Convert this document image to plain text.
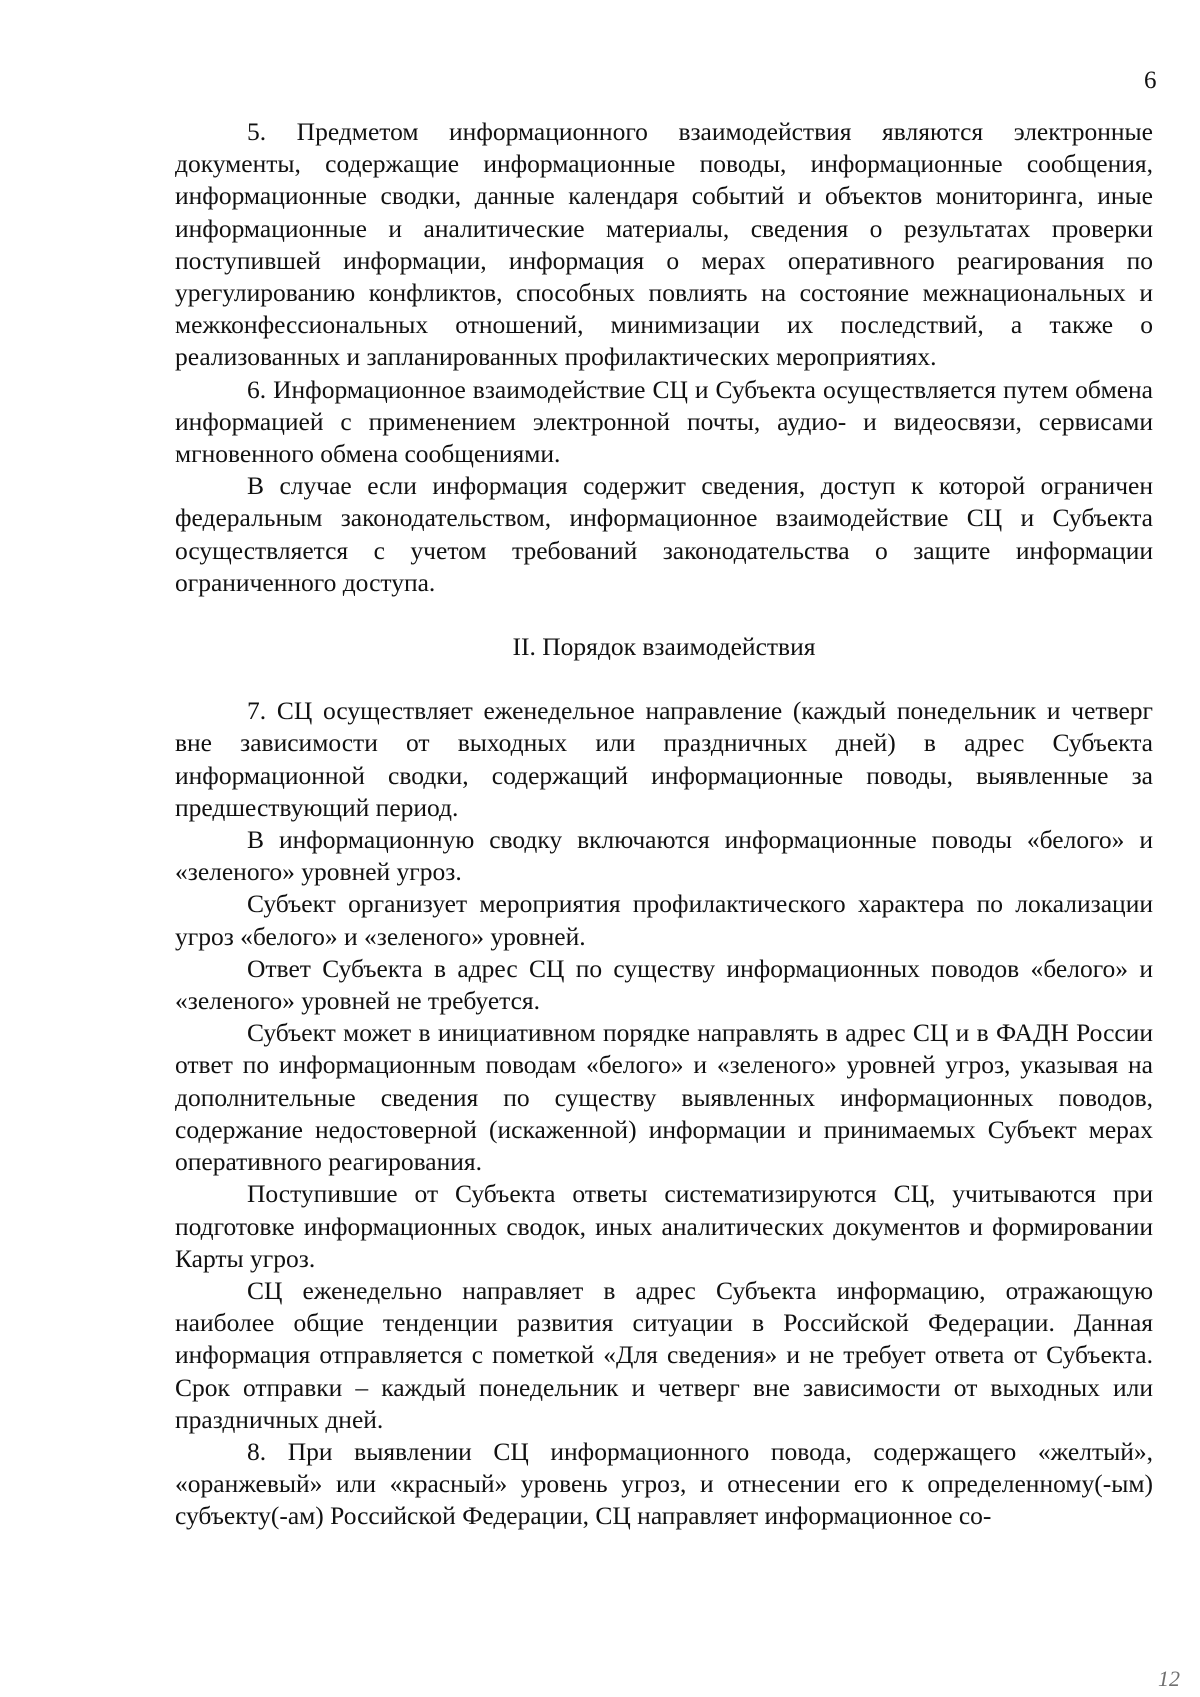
6

5. Предметом информационного взаимодействия являются электронные документы, содержащие информационные поводы, информационные сообщения, информационные сводки, данные календаря событий и объектов мониторинга, иные информационные и аналитические материалы, сведения о результатах проверки поступившей информации, информация о мерах оперативного реагирования по урегулированию конфликтов, способных повлиять на состояние межнациональных и межконфессиональных отношений, минимизации их последствий, а также о реализованных и запланированных профилактических мероприятиях.

6. Информационное взаимодействие СЦ и Субъекта осуществляется путем обмена информацией с применением электронной почты, аудио- и видеосвязи, сервисами мгновенного обмена сообщениями.

В случае если информация содержит сведения, доступ к которой ограничен федеральным законодательством, информационное взаимодействие СЦ и Субъекта осуществляется с учетом требований законодательства о защите информации ограниченного доступа.

II. Порядок взаимодействия

7. СЦ осуществляет еженедельное направление (каждый понедельник и четверг вне зависимости от выходных или праздничных дней) в адрес Субъекта информационной сводки, содержащий информационные поводы, выявленные за предшествующий период.

В информационную сводку включаются информационные поводы «белого» и «зеленого» уровней угроз.

Субъект организует мероприятия профилактического характера по локализации угроз «белого» и «зеленого» уровней.

Ответ Субъекта в адрес СЦ по существу информационных поводов «белого» и «зеленого» уровней не требуется.

Субъект может в инициативном порядке направлять в адрес СЦ и в ФАДН России ответ по информационным поводам «белого» и «зеленого» уровней угроз, указывая на дополнительные сведения по существу выявленных информационных поводов, содержание недостоверной (искаженной) информации и принимаемых Субъект мерах оперативного реагирования.

Поступившие от Субъекта ответы систематизируются СЦ, учитываются при подготовке информационных сводок, иных аналитических документов и формировании Карты угроз.

СЦ еженедельно направляет в адрес Субъекта информацию, отражающую наиболее общие тенденции развития ситуации в Российской Федерации. Данная информация отправляется с пометкой «Для сведения» и не требует ответа от Субъекта. Срок отправки – каждый понедельник и четверг вне зависимости от выходных или праздничных дней.

8. При выявлении СЦ информационного повода, содержащего «желтый», «оранжевый» или «красный» уровень угроз, и отнесении его к определенному(-ым) субъекту(-ам) Российской Федерации, СЦ направляет информационное со-

12
